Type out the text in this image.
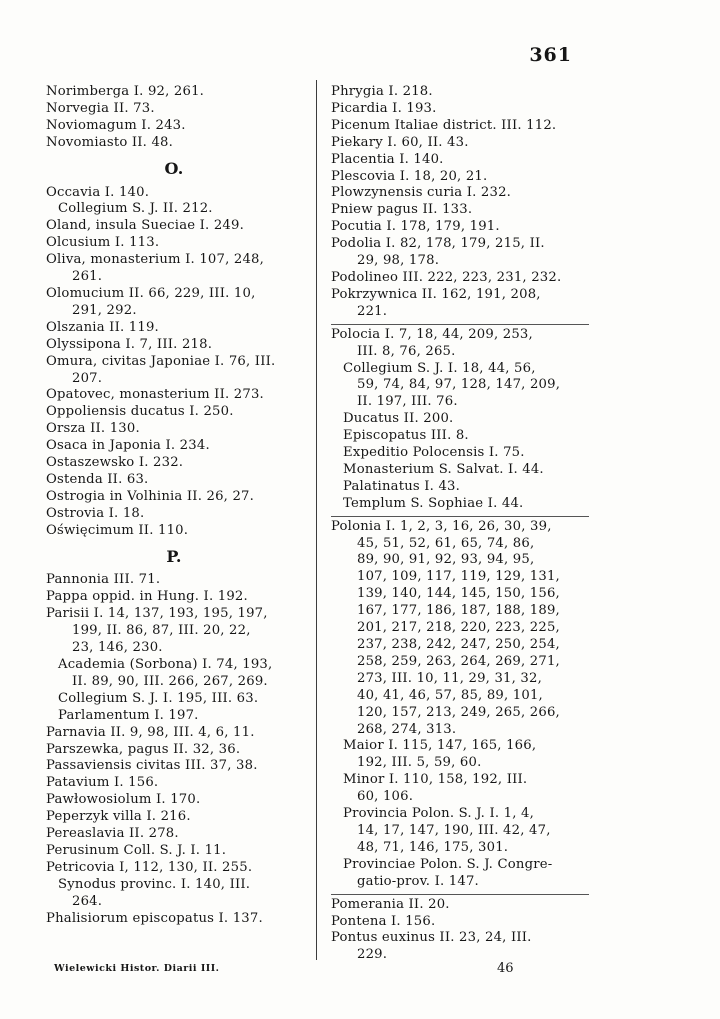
361
Norimberga I. 92, 261.
Norvegia II. 73.
Noviomagum I. 243.
Novomiasto II. 48.
O.
Occavia I. 140.
Collegium S. J. II. 212.
Oland, insula Sueciae I. 249.
Olcusium I. 113.
Oliva, monasterium I. 107, 248,
261.
Olomucium II. 66, 229, III. 10,
291, 292.
Olszania II. 119.
Olyssipona I. 7, III. 218.
Omura, civitas Japoniae I. 76, III.
207.
Opatovec, monasterium II. 273.
Oppoliensis ducatus I. 250.
Orsza II. 130.
Osaca in Japonia I. 234.
Ostaszewsko I. 232.
Ostenda II. 63.
Ostrogia in Volhinia II. 26, 27.
Ostrovia I. 18.
Oświęcimum II. 110.
P.
Pannonia III. 71.
Pappa oppid. in Hung. I. 192.
Parisii I. 14, 137, 193, 195, 197,
199, II. 86, 87, III. 20, 22,
23, 146, 230.
Academia (Sorbona) I. 74, 193,
II. 89, 90, III. 266, 267, 269.
Collegium S. J. I. 195, III. 63.
Parlamentum I. 197.
Parnavia II. 9, 98, III. 4, 6, 11.
Parszewka, pagus II. 32, 36.
Passaviensis civitas III. 37, 38.
Patavium I. 156.
Pawłowosiolum I. 170.
Peperzyk villa I. 216.
Pereaslavia II. 278.
Perusinum Coll. S. J. I. 11.
Petricovia I, 112, 130, II. 255.
Synodus provinc. I. 140, III.
264.
Phalisiorum episcopatus I. 137.
Phrygia I. 218.
Picardia I. 193.
Picenum Italiae district. III. 112.
Piekary I. 60, II. 43.
Placentia I. 140.
Plescovia I. 18, 20, 21.
Plowzynensis curia I. 232.
Pniew pagus II. 133.
Pocutia I. 178, 179, 191.
Podolia I. 82, 178, 179, 215, II.
29, 98, 178.
Podolineo III. 222, 223, 231, 232.
Pokrzywnica II. 162, 191, 208,
221.
Polocia I. 7, 18, 44, 209, 253,
III. 8, 76, 265.
Collegium S. J. I. 18, 44, 56,
59, 74, 84, 97, 128, 147, 209,
II. 197, III. 76.
Ducatus II. 200.
Episcopatus III. 8.
Expeditio Polocensis I. 75.
Monasterium S. Salvat. I. 44.
Palatinatus I. 43.
Templum S. Sophiae I. 44.
Polonia I. 1, 2, 3, 16, 26, 30, 39,
45, 51, 52, 61, 65, 74, 86,
89, 90, 91, 92, 93, 94, 95,
107, 109, 117, 119, 129, 131,
139, 140, 144, 145, 150, 156,
167, 177, 186, 187, 188, 189,
201, 217, 218, 220, 223, 225,
237, 238, 242, 247, 250, 254,
258, 259, 263, 264, 269, 271,
273, III. 10, 11, 29, 31, 32,
40, 41, 46, 57, 85, 89, 101,
120, 157, 213, 249, 265, 266,
268, 274, 313.
Maior I. 115, 147, 165, 166,
192, III. 5, 59, 60.
Minor I. 110, 158, 192, III.
60, 106.
Provincia Polon. S. J. I. 1, 4,
14, 17, 147, 190, III. 42, 47,
48, 71, 146, 175, 301.
Provinciae Polon. S. J. Congre-
gatio-prov. I. 147.
Pomerania II. 20.
Pontena I. 156.
Pontus euxinus II. 23, 24, III.
229.
Wielewicki Histor. Diarii III.	46
